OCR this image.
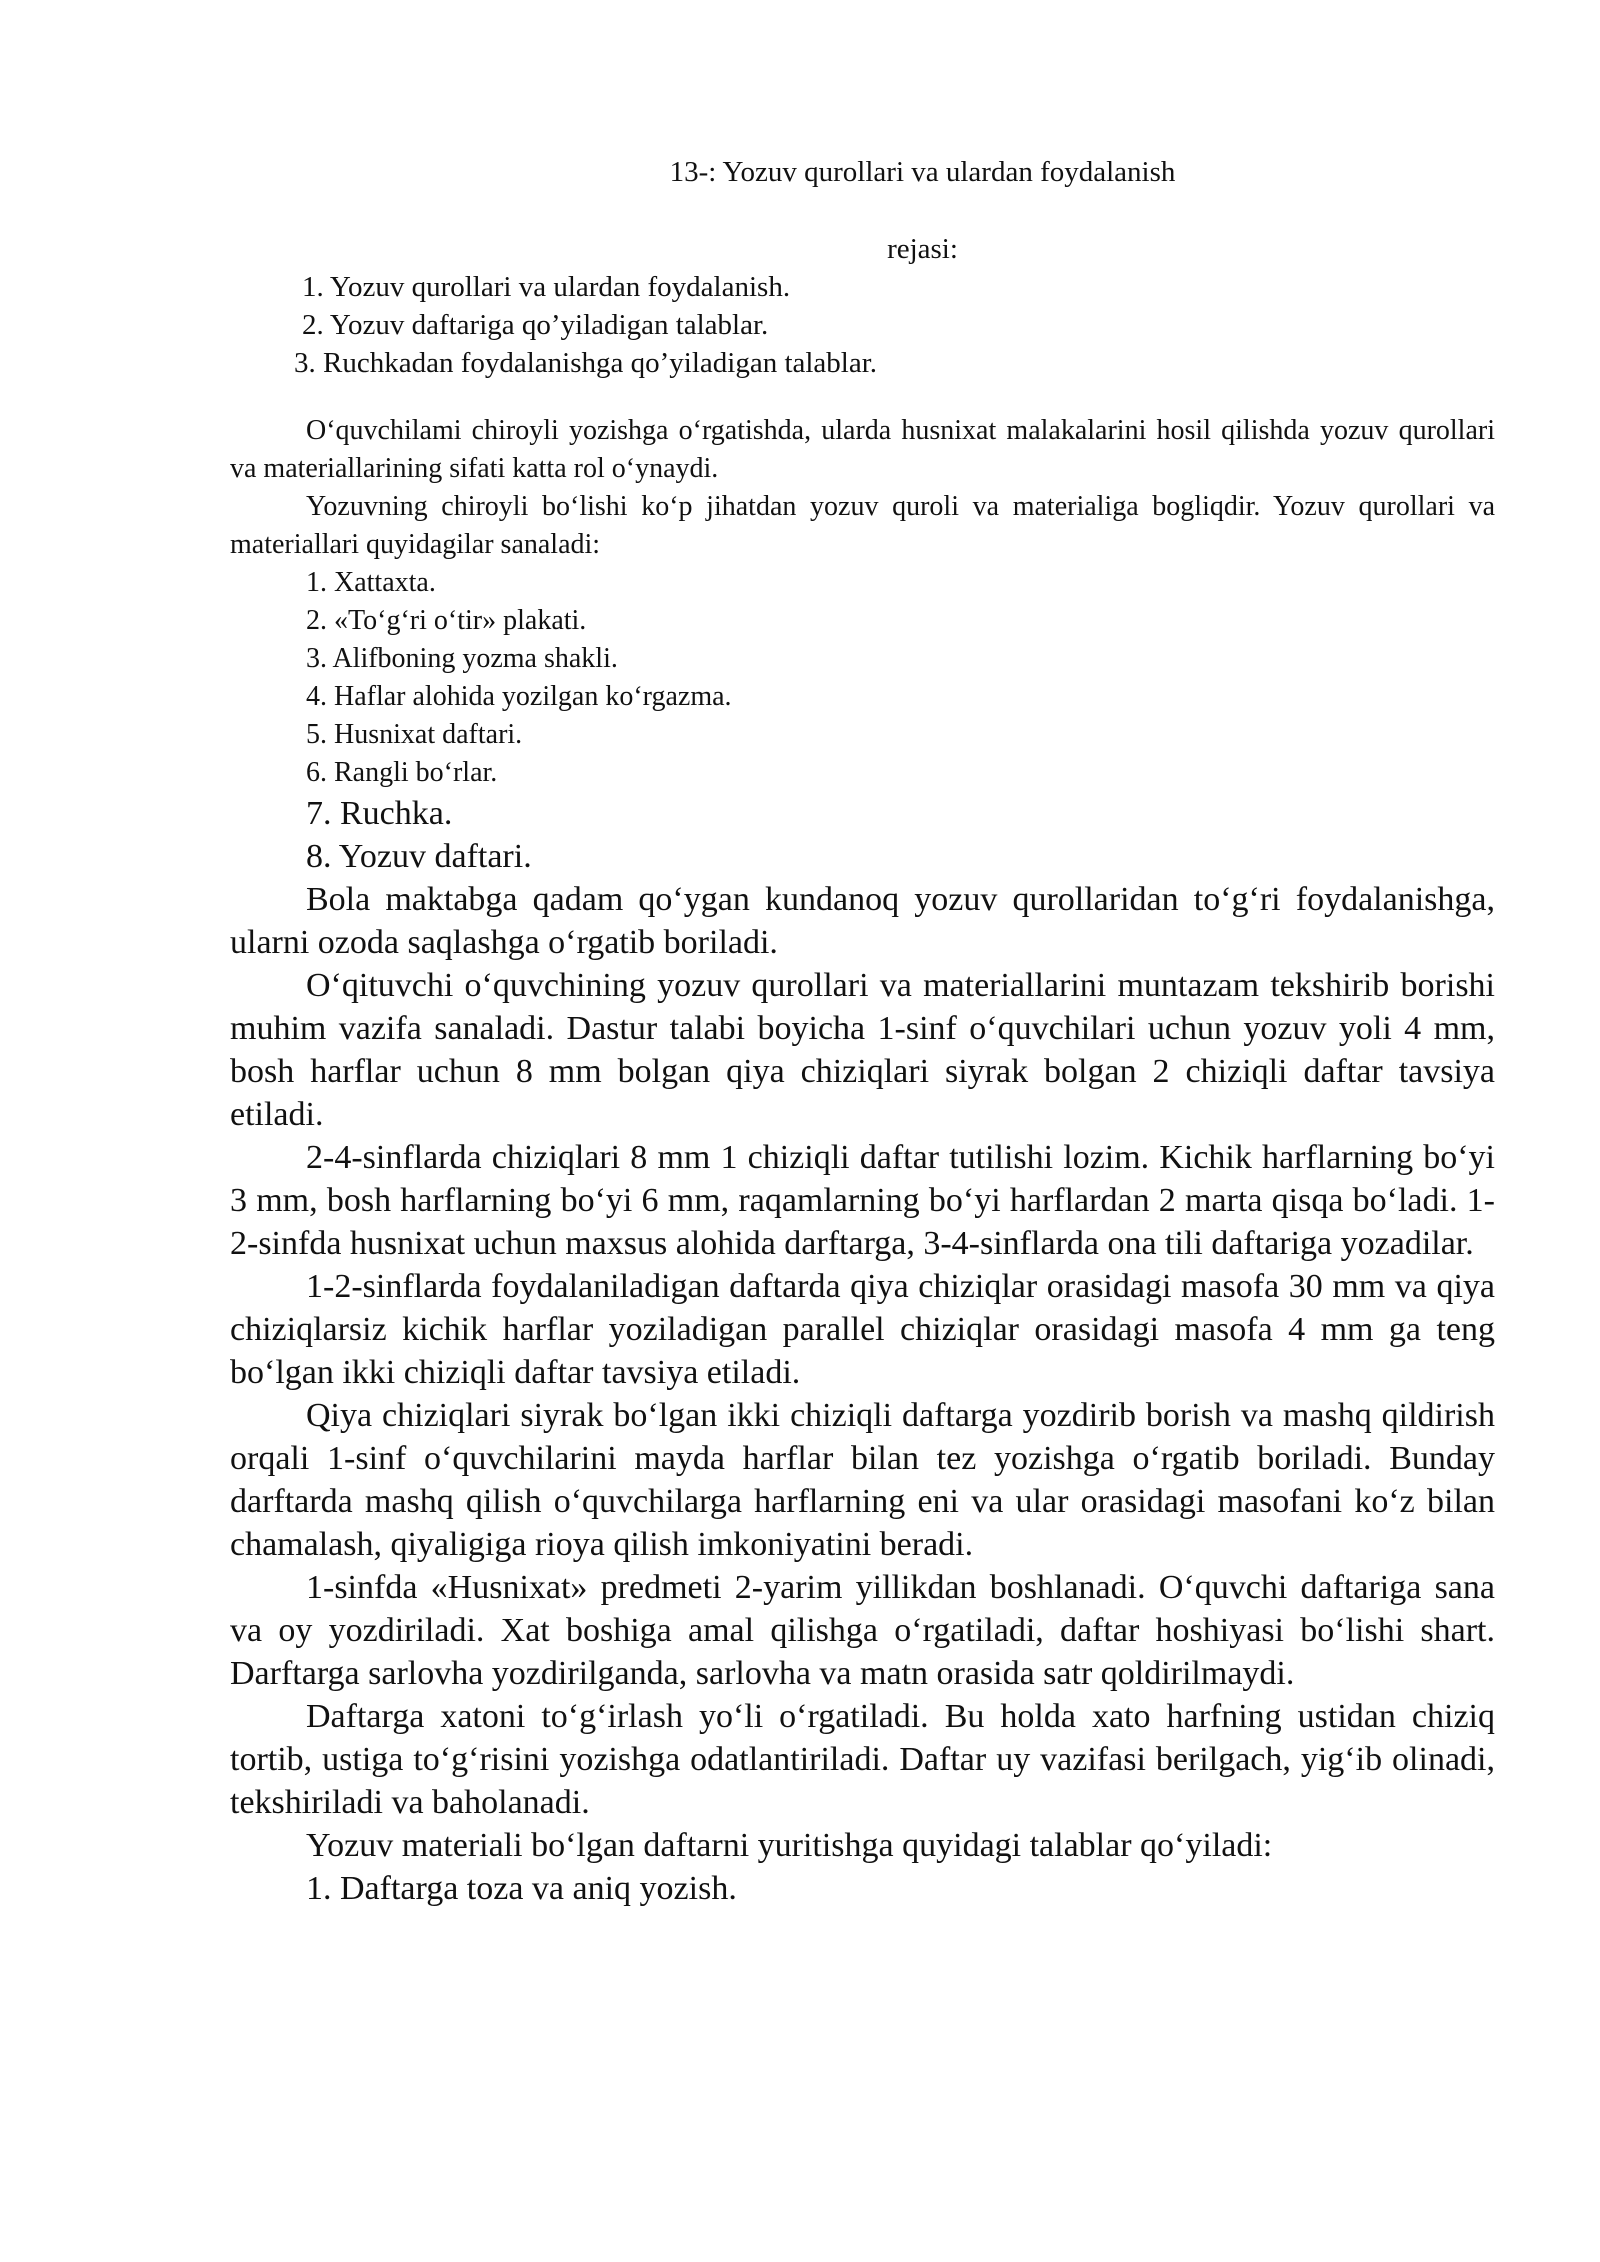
13-: Yozuv qurollari va ulardan foydalanish
rejasi:
1. Yozuv qurollari va ulardan foydalanish.
2. Yozuv daftariga qo’yiladigan talablar.
3. Ruchkadan foydalanishga qo’yiladigan talablar.

O‘quvchilami chiroyli yozishga o‘rgatishda, ularda husnixat malakalarini hosil qilishda yozuv qurollari va materiallarining sifati katta rol o‘ynaydi.

Yozuvning chiroyli bo‘lishi ko‘p jihatdan yozuv quroli va materialiga bogliqdir. Yozuv qurollari va materiallari quyidagilar sanaladi:

1. Xattaxta.
2. «To‘g‘ri o‘tir» plakati.
3. Alifboning yozma shakli.
4. Haflar alohida yozilgan ko‘rgazma.
5. Husnixat daftari.
6. Rangli bo‘rlar.
7. Ruchka.
8. Yozuv daftari.

Bola maktabga qadam qo‘ygan kundanoq yozuv qurollaridan to‘g‘ri foydalanishga, ularni ozoda saqlashga o‘rgatib boriladi.

O‘qituvchi o‘quvchining yozuv qurollari va materiallarini muntazam tekshirib borishi muhim vazifa sanaladi. Dastur talabi boyicha 1-sinf o‘quvchilari uchun yozuv yoli 4 mm, bosh harflar uchun 8 mm bolgan qiya chiziqlari siyrak bolgan 2 chiziqli daftar tavsiya etiladi.

2-4-sinflarda chiziqlari 8 mm 1 chiziqli daftar tutilishi lozim. Kichik harflarning bo‘yi 3 mm, bosh harflarning bo‘yi 6 mm, raqamlarning bo‘yi harflardan 2 marta qisqa bo‘ladi. 1-2-sinfda husnixat uchun maxsus alohida darftarga, 3-4-sinflarda ona tili daftariga yozadilar.

1-2-sinflarda foydalaniladigan daftarda qiya chiziqlar orasidagi masofa 30 mm va qiya chiziqlarsiz kichik harflar yoziladigan parallel chiziqlar orasidagi masofa 4 mm ga teng bo‘lgan ikki chiziqli daftar tavsiya etiladi.

Qiya chiziqlari siyrak bo‘lgan ikki chiziqli daftarga yozdirib borish va mashq qildirish orqali 1-sinf o‘quvchilarini mayda harflar bilan tez yozishga o‘rgatib boriladi. Bunday darftarda mashq qilish o‘quvchilarga harflarning eni va ular orasidagi masofani ko‘z bilan chamalash, qiyaligiga rioya qilish imkoniyatini beradi.

1-sinfda «Husnixat» predmeti 2-yarim yillikdan boshlanadi. O‘quvchi daftariga sana va oy yozdiriladi. Xat boshiga amal qilishga o‘rgatiladi, daftar hoshiyasi bo‘lishi shart. Darftarga sarlovha yozdirilganda, sarlovha va matn orasida satr qoldirilmaydi.

Daftarga xatoni to‘g‘irlash yo‘li o‘rgatiladi. Bu holda xato harfning ustidan chiziq tortib, ustiga to‘g‘risini yozishga odatlantiriladi. Daftar uy vazifasi berilgach, yig‘ib olinadi, tekshiriladi va baholanadi.

Yozuv materiali bo‘lgan daftarni yuritishga quyidagi talablar qo‘yiladi:

1. Daftarga toza va aniq yozish.
